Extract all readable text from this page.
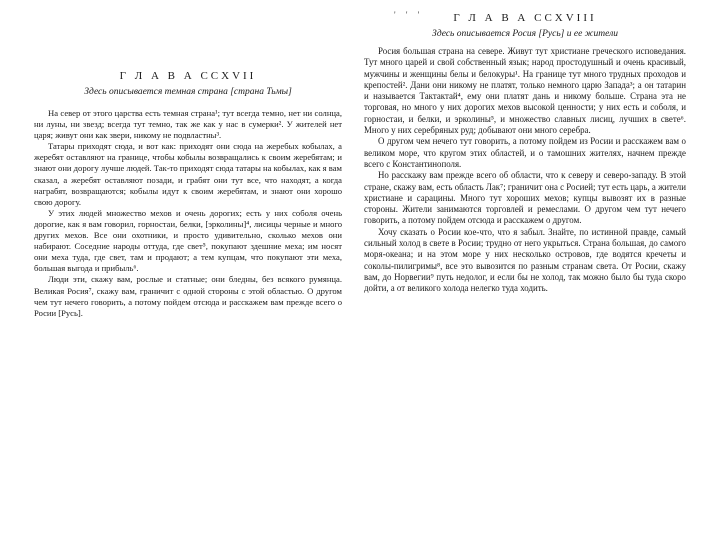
' ' '
Г Л А В А CCXVII
Здесь описывается темная страна [страна Тьмы]

На север от этого царства есть темная страна¹; тут всегда темно, нет ни солнца, ни луны, ни звезд; всегда тут темно, так же как у нас в сумерки². У жителей нет царя; живут они как звери, никому не подвластны³.

Татары приходят сюда, и вот как: приходят они сюда на жеребых кобылах, а жеребят оставляют на границе, чтобы кобылы возвращались к своим жеребятам; и знают они дорогу лучше людей. Так-то приходят сюда татары на кобылах, как я вам сказал, а жеребят оставляют позади, и грабят они тут все, что находят, а когда награбят, возвращаются; кобылы идут к своим жеребятам, и знают они хорошо свою дорогу.

У этих людей множество мехов и очень дорогих; есть у них соболя очень дорогие, как я вам говорил, горностаи, белки, [эрколины]⁴, лисицы черные и много других мехов. Все они охотники, и просто удивительно, сколько мехов они набирают. Соседние народы оттуда, где свет⁵, покупают здешние меха; им носят они меха туда, где свет, там и продают; а тем купцам, что покупают эти меха, большая выгода и прибыль⁶.

Люди эти, скажу вам, рослые и статные; они бледны, без всякого румянца. Великая Росия⁷, скажу вам, граничит с одной стороны с этой областью. О другом чем тут нечего говорить, а потому пойдем отсюда и расскажем вам прежде всего о Росии [Русь].

Г Л А В А CCXVIII
Здесь описывается Росия [Русь] и ее жители

Росия большая страна на севере. Живут тут христиане греческого исповедания. Тут много царей и свой собственный язык; народ простодушный и очень красивый, мужчины и женщины белы и белокуры¹. На границе тут много трудных проходов и крепостей². Дани они никому не платят, только немного царю Запада³; а он татарин и называется Тактактай⁴, ему они платят дань и никому больше. Страна эта не торговая, но много у них дорогих мехов высокой ценности; у них есть и соболя, и горностаи, и белки, и эрколины⁵, и множество славных лисиц, лучших в свете⁶. Много у них серебряных руд; добывают они много серебра.

О другом чем нечего тут говорить, а потому пойдем из Росии и расскажем вам о великом море, что кругом этих областей, и о тамошних жителях, начнем прежде всего с Константинополя.

Но расскажу вам прежде всего об области, что к северу и северо-западу. В этой стране, скажу вам, есть область Лак⁷; граничит она с Росией; тут есть царь, а жители христиане и сарацины. Много тут хороших мехов; купцы вывозят их в разные стороны. Жители занимаются торговлей и ремеслами. О другом чем тут нечего говорить, а потому пойдем отсюда и расскажем о другом.

Хочу сказать о Росии кое-что, что я забыл. Знайте, по истинной правде, самый сильный холод в свете в Росии; трудно от него укрыться. Страна большая, до самого моря-океана; и на этом море у них несколько островов, где водятся кречеты и соколы-пилигримы⁸, все это вывозится по разным странам света. От Росии, скажу вам, до Норвегии⁹ путь недолог, и если бы не холод, так можно было бы туда скоро дойти, а от великого холода нелегко туда ходить.
